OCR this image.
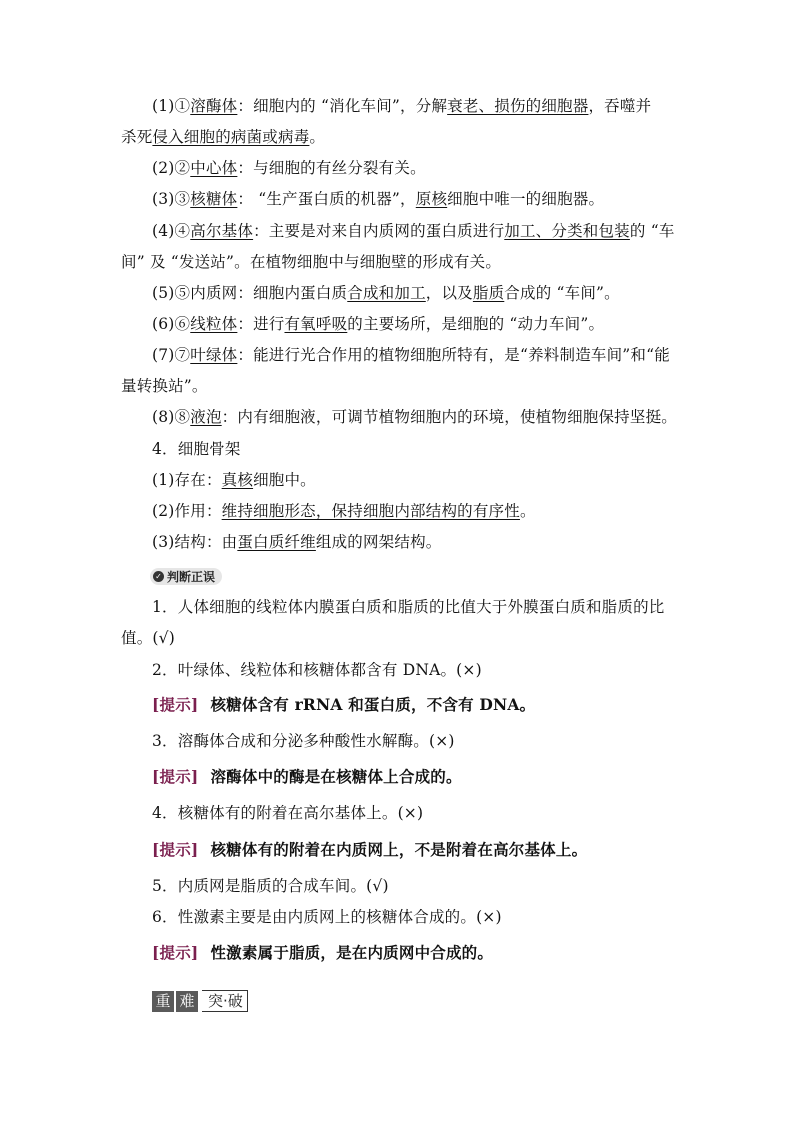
(1)①溶酶体：细胞内的 “消化车间”，分解衰老、损伤的细胞器，吞噬并
杀死侵入细胞的病菌或病毒。
(2)②中心体：与细胞的有丝分裂有关。
(3)③核糖体： “生产蛋白质的机器”，原核细胞中唯一的细胞器。
(4)④高尔基体：主要是对来自内质网的蛋白质进行加工、分类和包装的 “车
间” 及 “发送站”。在植物细胞中与细胞壁的形成有关。
(5)⑤内质网：细胞内蛋白质合成和加工，以及脂质合成的 “车间”。
(6)⑥线粒体：进行有氧呼吸的主要场所，是细胞的 “动力车间”。
(7)⑦叶绿体：能进行光合作用的植物细胞所特有，是“养料制造车间”和“能
量转换站”。
(8)⑧液泡：内有细胞液，可调节植物细胞内的环境，使植物细胞保持坚挺。
4．细胞骨架
(1)存在：真核细胞中。
(2)作用：维持细胞形态，保持细胞内部结构的有序性。
(3)结构：由蛋白质纤维组成的网架结构。
✓ 判断正误
1．人体细胞的线粒体内膜蛋白质和脂质的比值大于外膜蛋白质和脂质的比
值。(√)
2．叶绿体、线粒体和核糖体都含有 DNA。(×)
[提示] 核糖体含有 rRNA 和蛋白质，不含有 DNA。
3．溶酶体合成和分泌多种酸性水解酶。(×)
[提示] 溶酶体中的酶是在核糖体上合成的。
4．核糖体有的附着在高尔基体上。(×)
[提示] 核糖体有的附着在内质网上，不是附着在高尔基体上。
5．内质网是脂质的合成车间。(√)
6．性激素主要是由内质网上的核糖体合成的。(×)
[提示] 性激素属于脂质，是在内质网中合成的。
重 难 突·破
